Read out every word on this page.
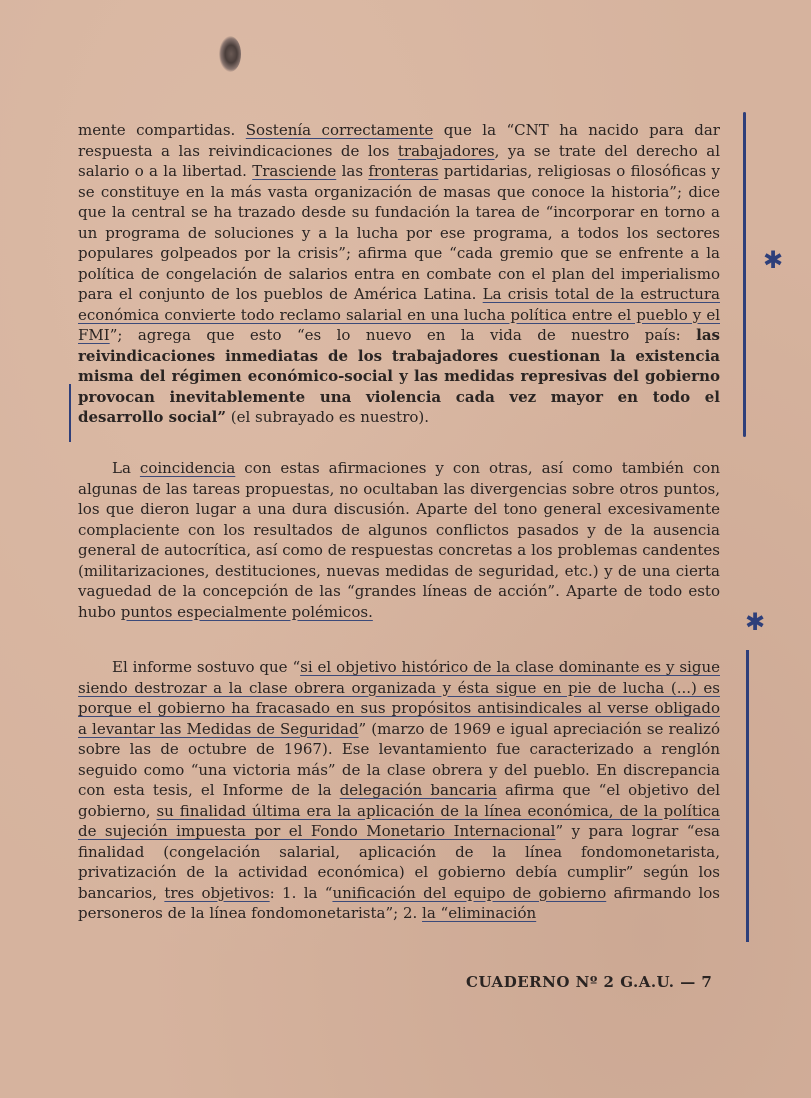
✱
✱

mente compartidas. Sostenía correctamente que la “CNT ha nacido para dar respuesta a las reivindicaciones de los trabajadores, ya se trate del derecho al salario o a la libertad. Trasciende las fronteras partidarias, religiosas o filosóficas y se constituye en la más vasta organización de masas que conoce la historia”; dice que la central se ha trazado desde su fundación la tarea de “incorporar en torno a un programa de soluciones y a la lucha por ese programa, a todos los sectores populares golpeados por la crisis”; afirma que “cada gremio que se enfrente a la política de congelación de salarios entra en combate con el plan del imperialismo para el conjunto de los pueblos de América Latina. La crisis total de la estructura económica convierte todo reclamo salarial en una lucha política entre el pueblo y el FMI”; agrega que esto “es lo nuevo en la vida de nuestro país: las reivindicaciones inmediatas de los trabajadores cuestionan la existencia misma del régimen económico-social y las medidas represivas del gobierno provocan inevitablemente una violencia cada vez mayor en todo el desarrollo social” (el subrayado es nuestro).

La coincidencia con estas afirmaciones y con otras, así como también con algunas de las tareas propuestas, no ocultaban las divergencias sobre otros puntos, los que dieron lugar a una dura discusión. Aparte del tono general excesivamente complaciente con los resultados de algunos conflictos pasados y de la ausencia general de autocrítica, así como de respuestas concretas a los problemas candentes (militarizaciones, destituciones, nuevas medidas de seguridad, etc.) y de una cierta vaguedad de la concepción de las “grandes líneas de acción”. Aparte de todo esto hubo puntos especialmente polémicos.

El informe sostuvo que “si el objetivo histórico de la clase dominante es y sigue siendo destrozar a la clase obrera organizada y ésta sigue en pie de lucha (...) es porque el gobierno ha fracasado en sus propósitos antisindicales al verse obligado a levantar las Medidas de Seguridad” (marzo de 1969 e igual apreciación se realizó sobre las de octubre de 1967). Ese levantamiento fue caracterizado a renglón seguido como “una victoria más” de la clase obrera y del pueblo. En discrepancia con esta tesis, el Informe de la delegación bancaria afirma que “el objetivo del gobierno, su finalidad última era la aplicación de la línea económica, de la política de sujeción impuesta por el Fondo Monetario Internacional” y para lograr “esa finalidad (congelación salarial, aplicación de la línea fondomonetarista, privatización de la actividad económica) el gobierno debía cumplir” según los bancarios, tres objetivos: 1. la “unificación del equipo de gobierno afirmando los personeros de la línea fondomonetarista”; 2. la “eliminación

CUADERNO Nº 2 G.A.U. — 7
